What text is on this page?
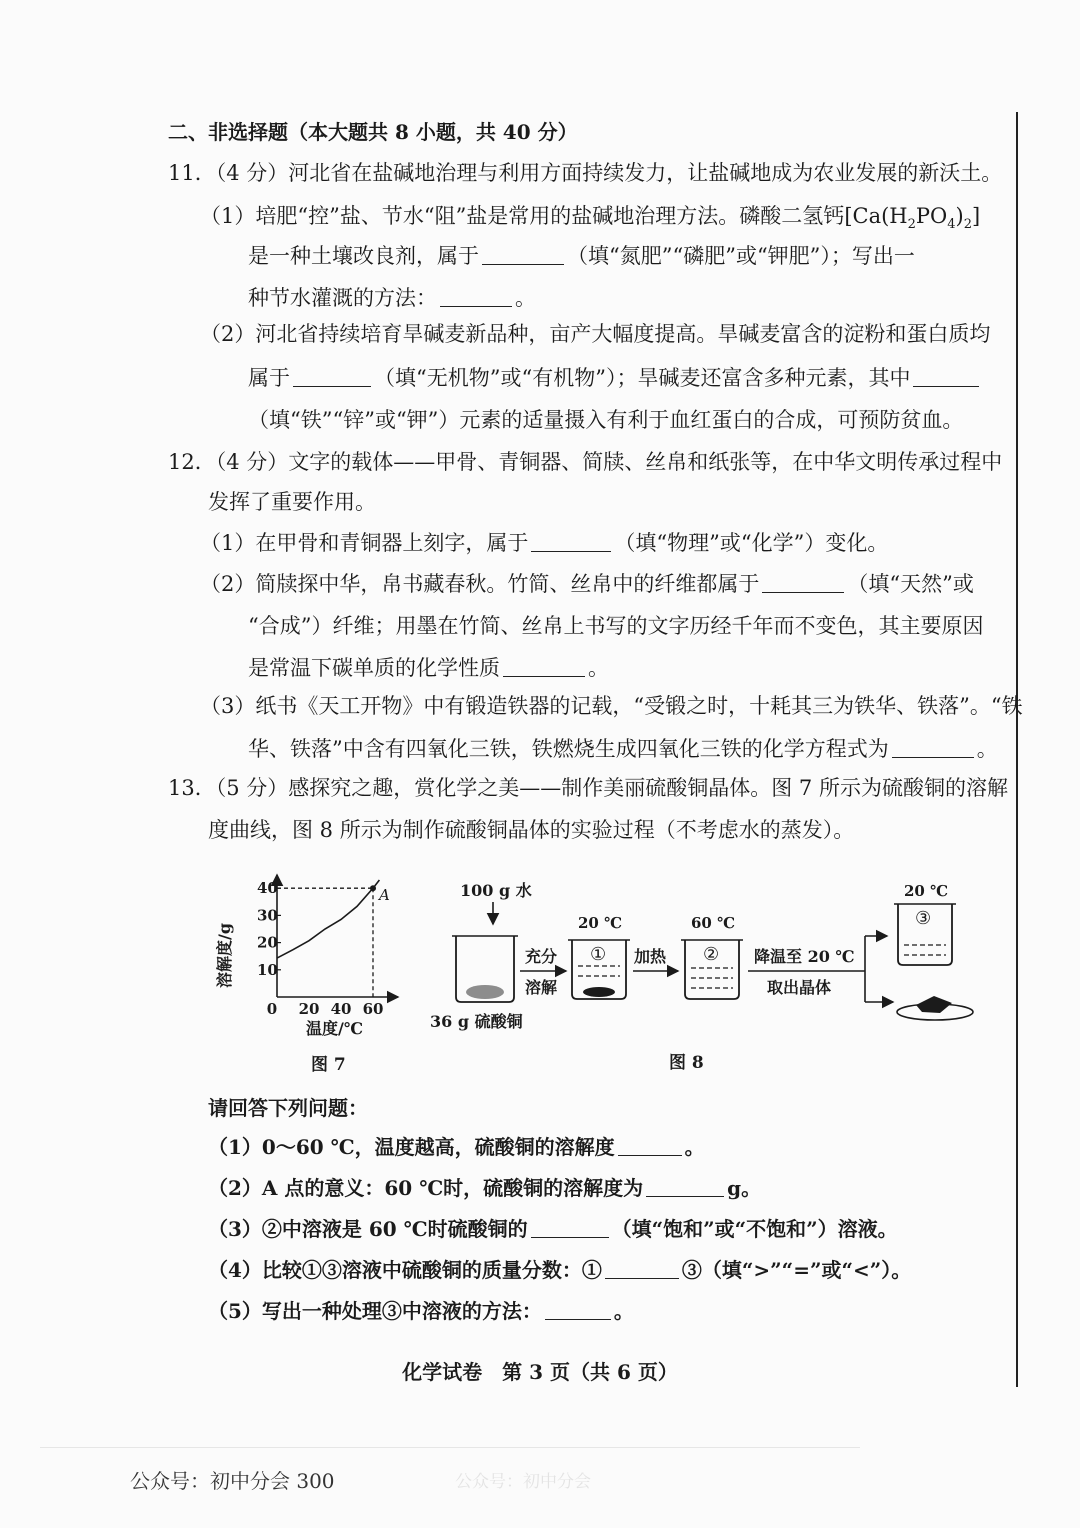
二、非选择题（本大题共 8 小题，共 40 分）
11．（4 分）河北省在盐碱地治理与利用方面持续发力，让盐碱地成为农业发展的新沃土。
（1）培肥“控”盐、节水“阻”盐是常用的盐碱地治理方法。磷酸二氢钙$[Ca(H_2PO_4)_2]$
是一种土壤改良剂，属于	（填“氮肥”“磷肥”或“钾肥”）；写出一
种节水灌溉的方法：	。
（2）河北省持续培育旱碱麦新品种，亩产大幅度提高。旱碱麦富含的淀粉和蛋白质均
属于	（填“无机物”或“有机物”）；旱碱麦还富含多种元素，其中
（填“铁”“锌”或“钾”）元素的适量摄入有利于血红蛋白的合成，可预防贫血。
12．（4 分）文字的载体——甲骨、青铜器、简牍、丝帛和纸张等，在中华文明传承过程中
发挥了重要作用。
（1）在甲骨和青铜器上刻字，属于	（填“物理”或“化学”）变化。
（2）简牍探中华，帛书藏春秋。竹简、丝帛中的纤维都属于	（填“天然”或
“合成”）纤维；用墨在竹简、丝帛上书写的文字历经千年而不变色，其主要原因
是常温下碳单质的化学性质	。
（3）纸书《天工开物》中有锻造铁器的记载，“受锻之时，十耗其三为铁华、铁落”。“铁
华、铁落”中含有四氧化三铁，铁燃烧生成四氧化三铁的化学方程式为	。
13．（5 分）感探究之趣，赏化学之美——制作美丽硫酸铜晶体。图 7 所示为硫酸铜的溶解
度曲线，图 8 所示为制作硫酸铜晶体的实验过程（不考虑水的蒸发）。
10
20
30
40
0 20 40 60
A
溶解度/g
温度/℃
图 7
100 g 水
36 g 硫酸铜
充分
溶解
20 ℃
① 加热
60 ℃
② 降温至 20 ℃
取出晶体
20 ℃
③
图 8
请回答下列问题：
（1）0～60 ℃，温度越高，硫酸铜的溶解度	。
（2）A 点的意义：60 ℃时，硫酸铜的溶解度为	g。
（3）②中溶液是 60 ℃时硫酸铜的	（填“饱和”或“不饱和”）溶液。
（4）比较①③溶液中硫酸铜的质量分数：①	③（填“>”“=”或“<”）。
（5）写出一种处理③中溶液的方法：	。
化学试卷　第 3 页（共 6 页）
公众号：初中分会 300	公众号：初中分会
